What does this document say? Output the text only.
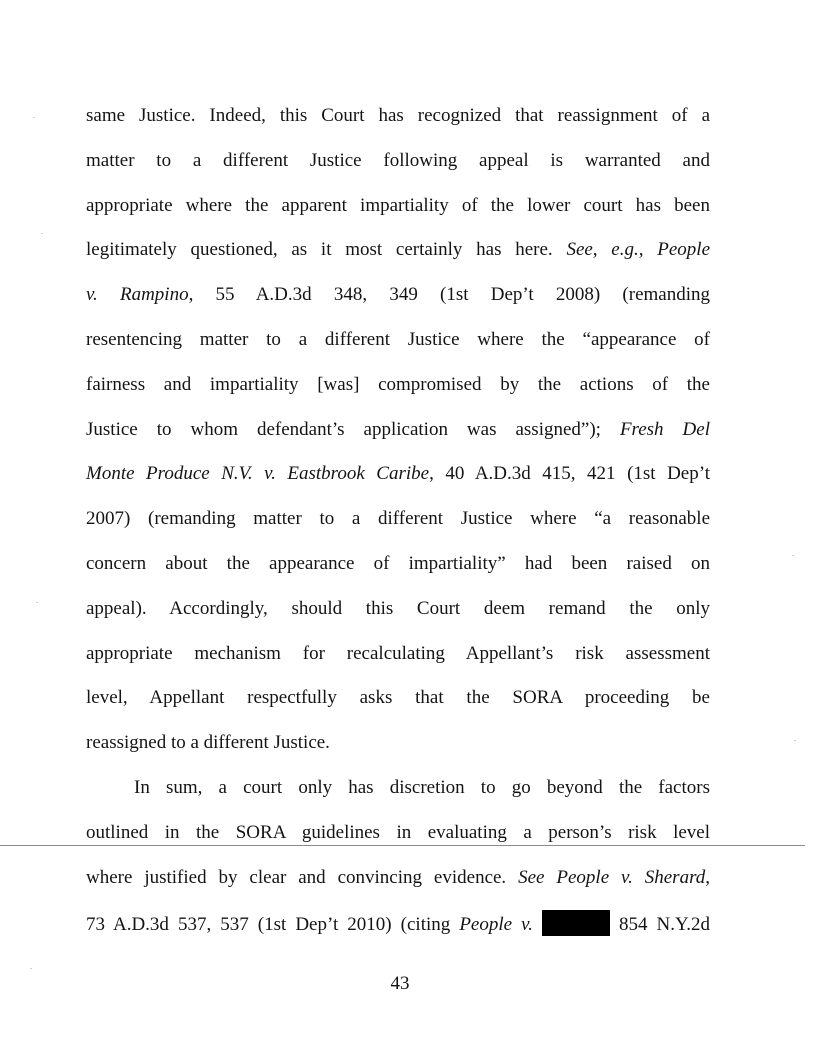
same Justice. Indeed, this Court has recognized that reassignment of a
matter to a different Justice following appeal is warranted and
appropriate where the apparent impartiality of the lower court has been
legitimately questioned, as it most certainly has here. See, e.g., People
v. Rampino, 55 A.D.3d 348, 349 (1st Dep’t 2008) (remanding
resentencing matter to a different Justice where the “appearance of
fairness and impartiality [was] compromised by the actions of the
Justice to whom defendant’s application was assigned”); Fresh Del
Monte Produce N.V. v. Eastbrook Caribe, 40 A.D.3d 415, 421 (1st Dep’t
2007) (remanding matter to a different Justice where “a reasonable
concern about the appearance of impartiality” had been raised on
appeal). Accordingly, should this Court deem remand the only
appropriate mechanism for recalculating Appellant’s risk assessment
level, Appellant respectfully asks that the SORA proceeding be
reassigned to a different Justice.
In sum, a court only has discretion to go beyond the factors
outlined in the SORA guidelines in evaluating a person’s risk level
where justified by clear and convincing evidence. See People v. Sherard,
73 A.D.3d 537, 537 (1st Dep’t 2010) (citing People v.	854 N.Y.2d
43
